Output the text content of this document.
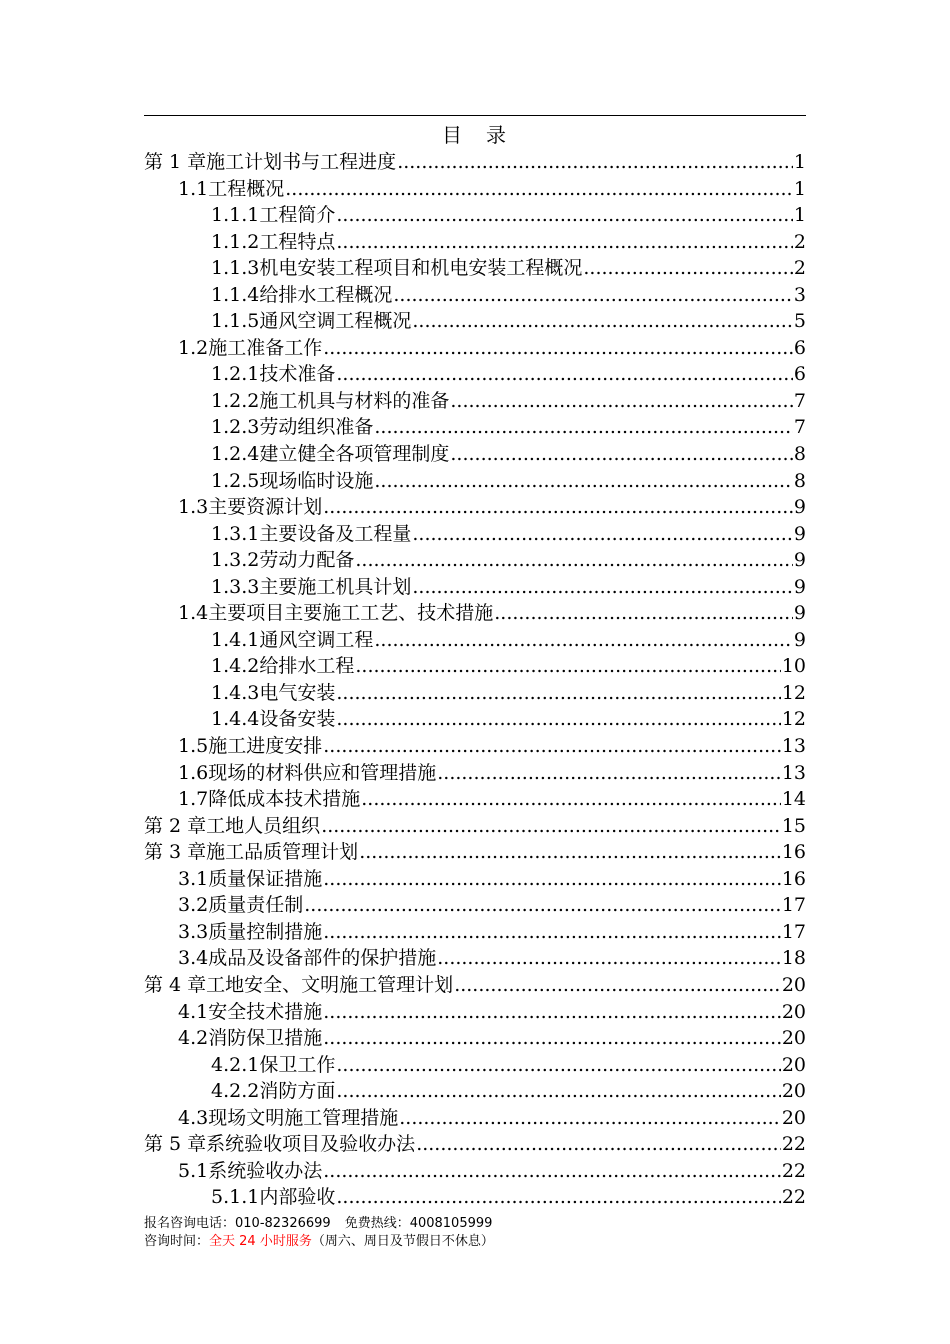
目　录
第 1 章 施工计划书与工程进度 .....	1
1.1 工程概况 .....	1
1.1.1 工程简介 .....	1
1.1.2 工程特点 .....	2
1.1.3 机电安装工程项目和机电安装工程概况 .....	2
1.1.4 给排水工程概况 .....	3
1.1.5 通风空调工程概况 .....	5
1.2 施工准备工作 .....	6
1.2.1 技术准备 .....	6
1.2.2 施工机具与材料的准备 .....	7
1.2.3 劳动组织准备 .....	7
1.2.4 建立健全各项管理制度 .....	8
1.2.5 现场临时设施 .....	8
1.3 主要资源计划 .....	9
1.3.1 主要设备及工程量 .....	9
1.3.2 劳动力配备 .....	9
1.3.3 主要施工机具计划 .....	9
1.4 主要项目主要施工工艺、技术措施 .....	9
1.4.1 通风空调工程 .....	9
1.4.2 给排水工程 .....	10
1.4.3 电气安装 .....	12
1.4.4 设备安装 .....	12
1.5 施工进度安排 .....	13
1.6 现场的材料供应和管理措施 .....	13
1.7 降低成本技术措施 .....	14
第 2 章 工地人员组织 .....	15
第 3 章 施工品质管理计划 .....	16
3.1 质量保证措施 .....	16
3.2 质量责任制 .....	17
3.3 质量控制措施 .....	17
3.4 成品及设备部件的保护措施 .....	18
第 4 章 工地安全、文明施工管理计划 .....	20
4.1 安全技术措施 .....	20
4.2 消防保卫措施 .....	20
4.2.1 保卫工作 .....	20
4.2.2 消防方面 .....	20
4.3 现场文明施工管理措施 .....	20
第 5 章 系统验收项目及验收办法 .....	22
5.1 系统验收办法 .....	22
5.1.1 内部验收 .....	22
报名咨询电话：010-82326699 免费热线：4008105999
咨询时间：全天 24 小时服务（周六、周日及节假日不休息）
